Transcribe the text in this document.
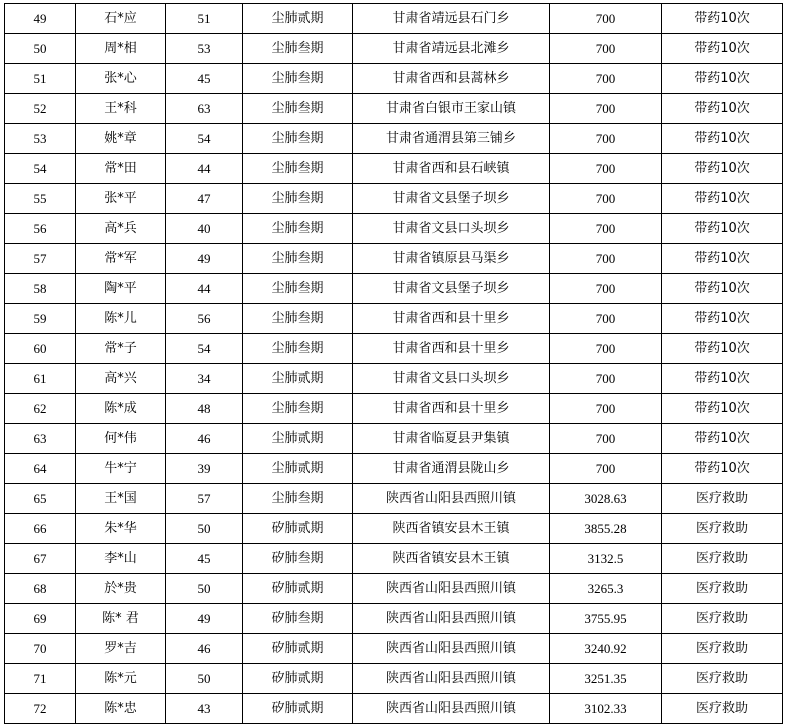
49	石*应	51	尘肺贰期	甘肃省靖远县石门乡	700	带药10次
50	周*相	53	尘肺叁期	甘肃省靖远县北滩乡	700	带药10次
51	张*心	45	尘肺叁期	甘肃省西和县蒿林乡	700	带药10次
52	王*科	63	尘肺叁期	甘肃省白银市王家山镇	700	带药10次
53	姚*章	54	尘肺叁期	甘肃省通渭县第三铺乡	700	带药10次
54	常*田	44	尘肺叁期	甘肃省西和县石峡镇	700	带药10次
55	张*平	47	尘肺叁期	甘肃省文县堡子坝乡	700	带药10次
56	高*兵	40	尘肺叁期	甘肃省文县口头坝乡	700	带药10次
57	常*军	49	尘肺叁期	甘肃省镇原县马渠乡	700	带药10次
58	陶*平	44	尘肺叁期	甘肃省文县堡子坝乡	700	带药10次
59	陈*儿	56	尘肺叁期	甘肃省西和县十里乡	700	带药10次
60	常*子	54	尘肺叁期	甘肃省西和县十里乡	700	带药10次
61	高*兴	34	尘肺贰期	甘肃省文县口头坝乡	700	带药10次
62	陈*成	48	尘肺叁期	甘肃省西和县十里乡	700	带药10次
63	何*伟	46	尘肺贰期	甘肃省临夏县尹集镇	700	带药10次
64	牛*宁	39	尘肺贰期	甘肃省通渭县陇山乡	700	带药10次
65	王*国	57	尘肺叁期	陕西省山阳县西照川镇	3028.63	医疗救助
66	朱*华	50	矽肺贰期	陕西省镇安县木王镇	3855.28	医疗救助
67	李*山	45	矽肺叁期	陕西省镇安县木王镇	3132.5	医疗救助
68	於*贵	50	矽肺贰期	陕西省山阳县西照川镇	3265.3	医疗救助
69	陈* 君	49	矽肺叁期	陕西省山阳县西照川镇	3755.95	医疗救助
70	罗*吉	46	矽肺贰期	陕西省山阳县西照川镇	3240.92	医疗救助
71	陈*元	50	矽肺贰期	陕西省山阳县西照川镇	3251.35	医疗救助
72	陈*忠	43	矽肺贰期	陕西省山阳县西照川镇	3102.33	医疗救助
